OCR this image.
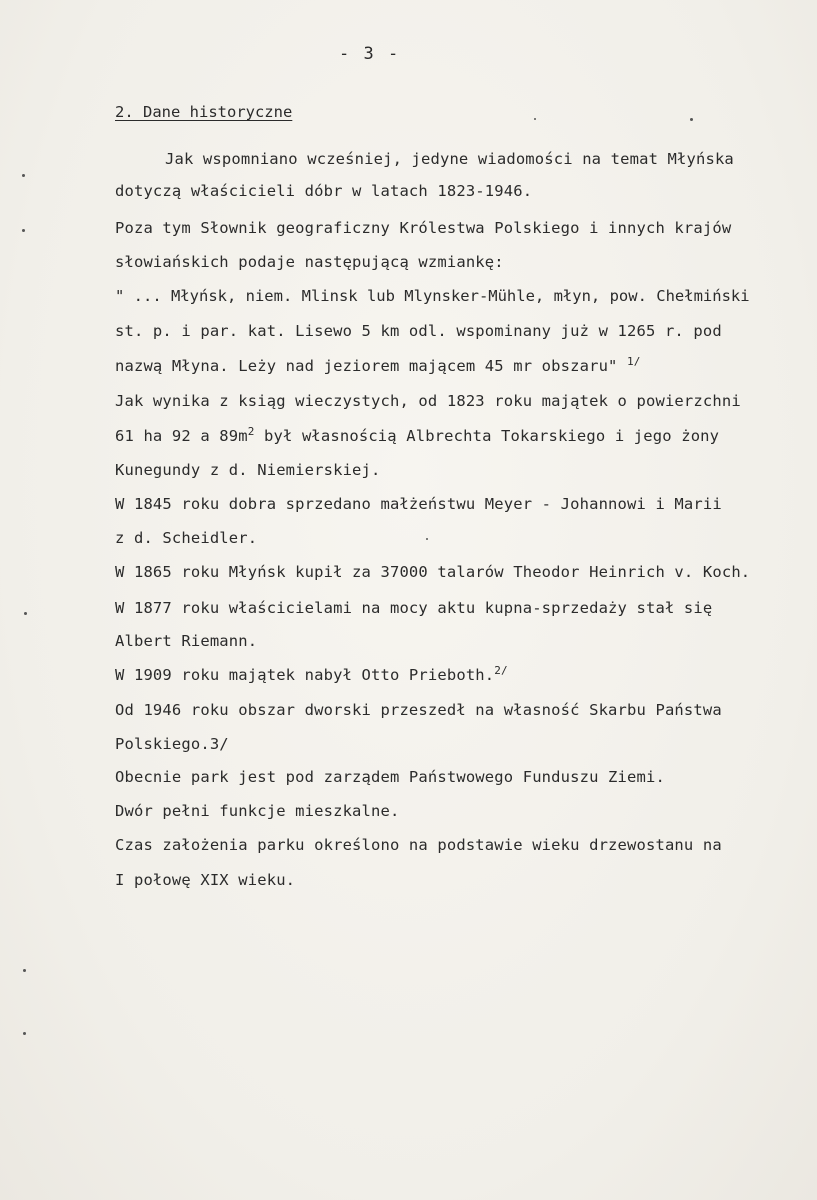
- 3 -
2. Dane historyczne
Jak wspomniano wcześniej, jedyne wiadomości na temat Młyńska
dotyczą właścicieli dóbr w latach 1823-1946.
Poza tym Słownik geograficzny Królestwa Polskiego i innych krajów
słowiańskich podaje następującą wzmiankę:
" ... Młyńsk, niem. Mlinsk lub Mlynsker-Mühle, młyn, pow. Chełmiński
st. p. i par. kat. Lisewo 5 km odl. wspominany już w 1265 r. pod
nazwą Młyna. Leży nad jeziorem mającem 45 mr obszaru" $^{1/}$
Jak wynika z ksiąg wieczystych, od 1823 roku majątek o powierzchni
61 ha 92 a $89m^2$ był własnością Albrechta Tokarskiego i jego żony
Kunegundy z d. Niemierskiej.
W 1845 roku dobra sprzedano małżeństwu Meyer - Johannowi i Marii
z d. Scheidler.
W 1865 roku Młyńsk kupił za 37000 talarów Theodor Heinrich v. Koch.
W 1877 roku właścicielami na mocy aktu kupna-sprzedaży stał się
Albert Riemann.
W 1909 roku majątek nabył Otto Prieboth.$^{2/}$
Od 1946 roku obszar dworski przeszedł na własność Skarbu Państwa
Polskiego.3/
Obecnie park jest pod zarządem Państwowego Funduszu Ziemi.
Dwór pełni funkcje mieszkalne.
Czas założenia parku określono na podstawie wieku drzewostanu na
I połowę XIX wieku.
